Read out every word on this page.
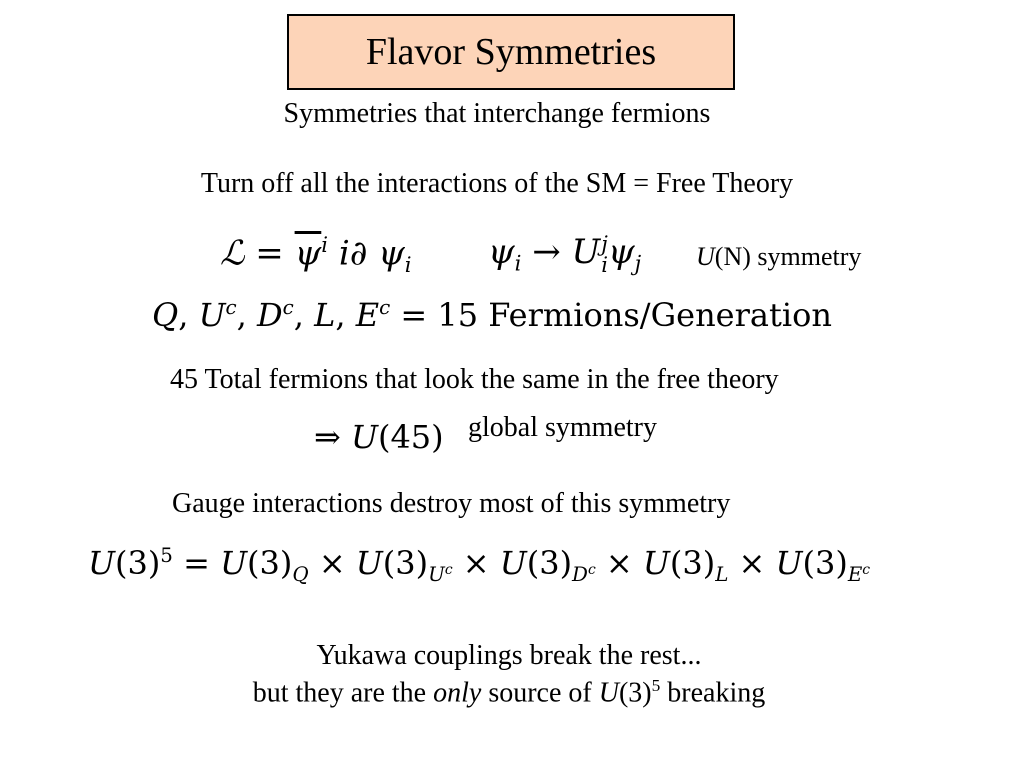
Flavor Symmetries
Symmetries that interchange fermions
Turn off all the interactions of the SM = Free Theory
ℒ = $\overline{\psi}^i$ i∂ $\psi_i$ $\psi_i \to U$ j
i $\psi_j$ U(N) symmetry
Q, $U^c$, $D^c$, L, $E^c = 15$ Fermions/Generation
45 Total fermions that look the same in the free theory
⇒ U(45) global symmetry
Gauge interactions destroy most of this symmetry
$U(3)^5 = U(3)_Q \times U(3)_{U^c} \times U(3)_{D^c} \times U(3)_L \times U(3)_{E^c}$
Yukawa couplings break the rest...
but they are the only source of $U(3)^5$ breaking
